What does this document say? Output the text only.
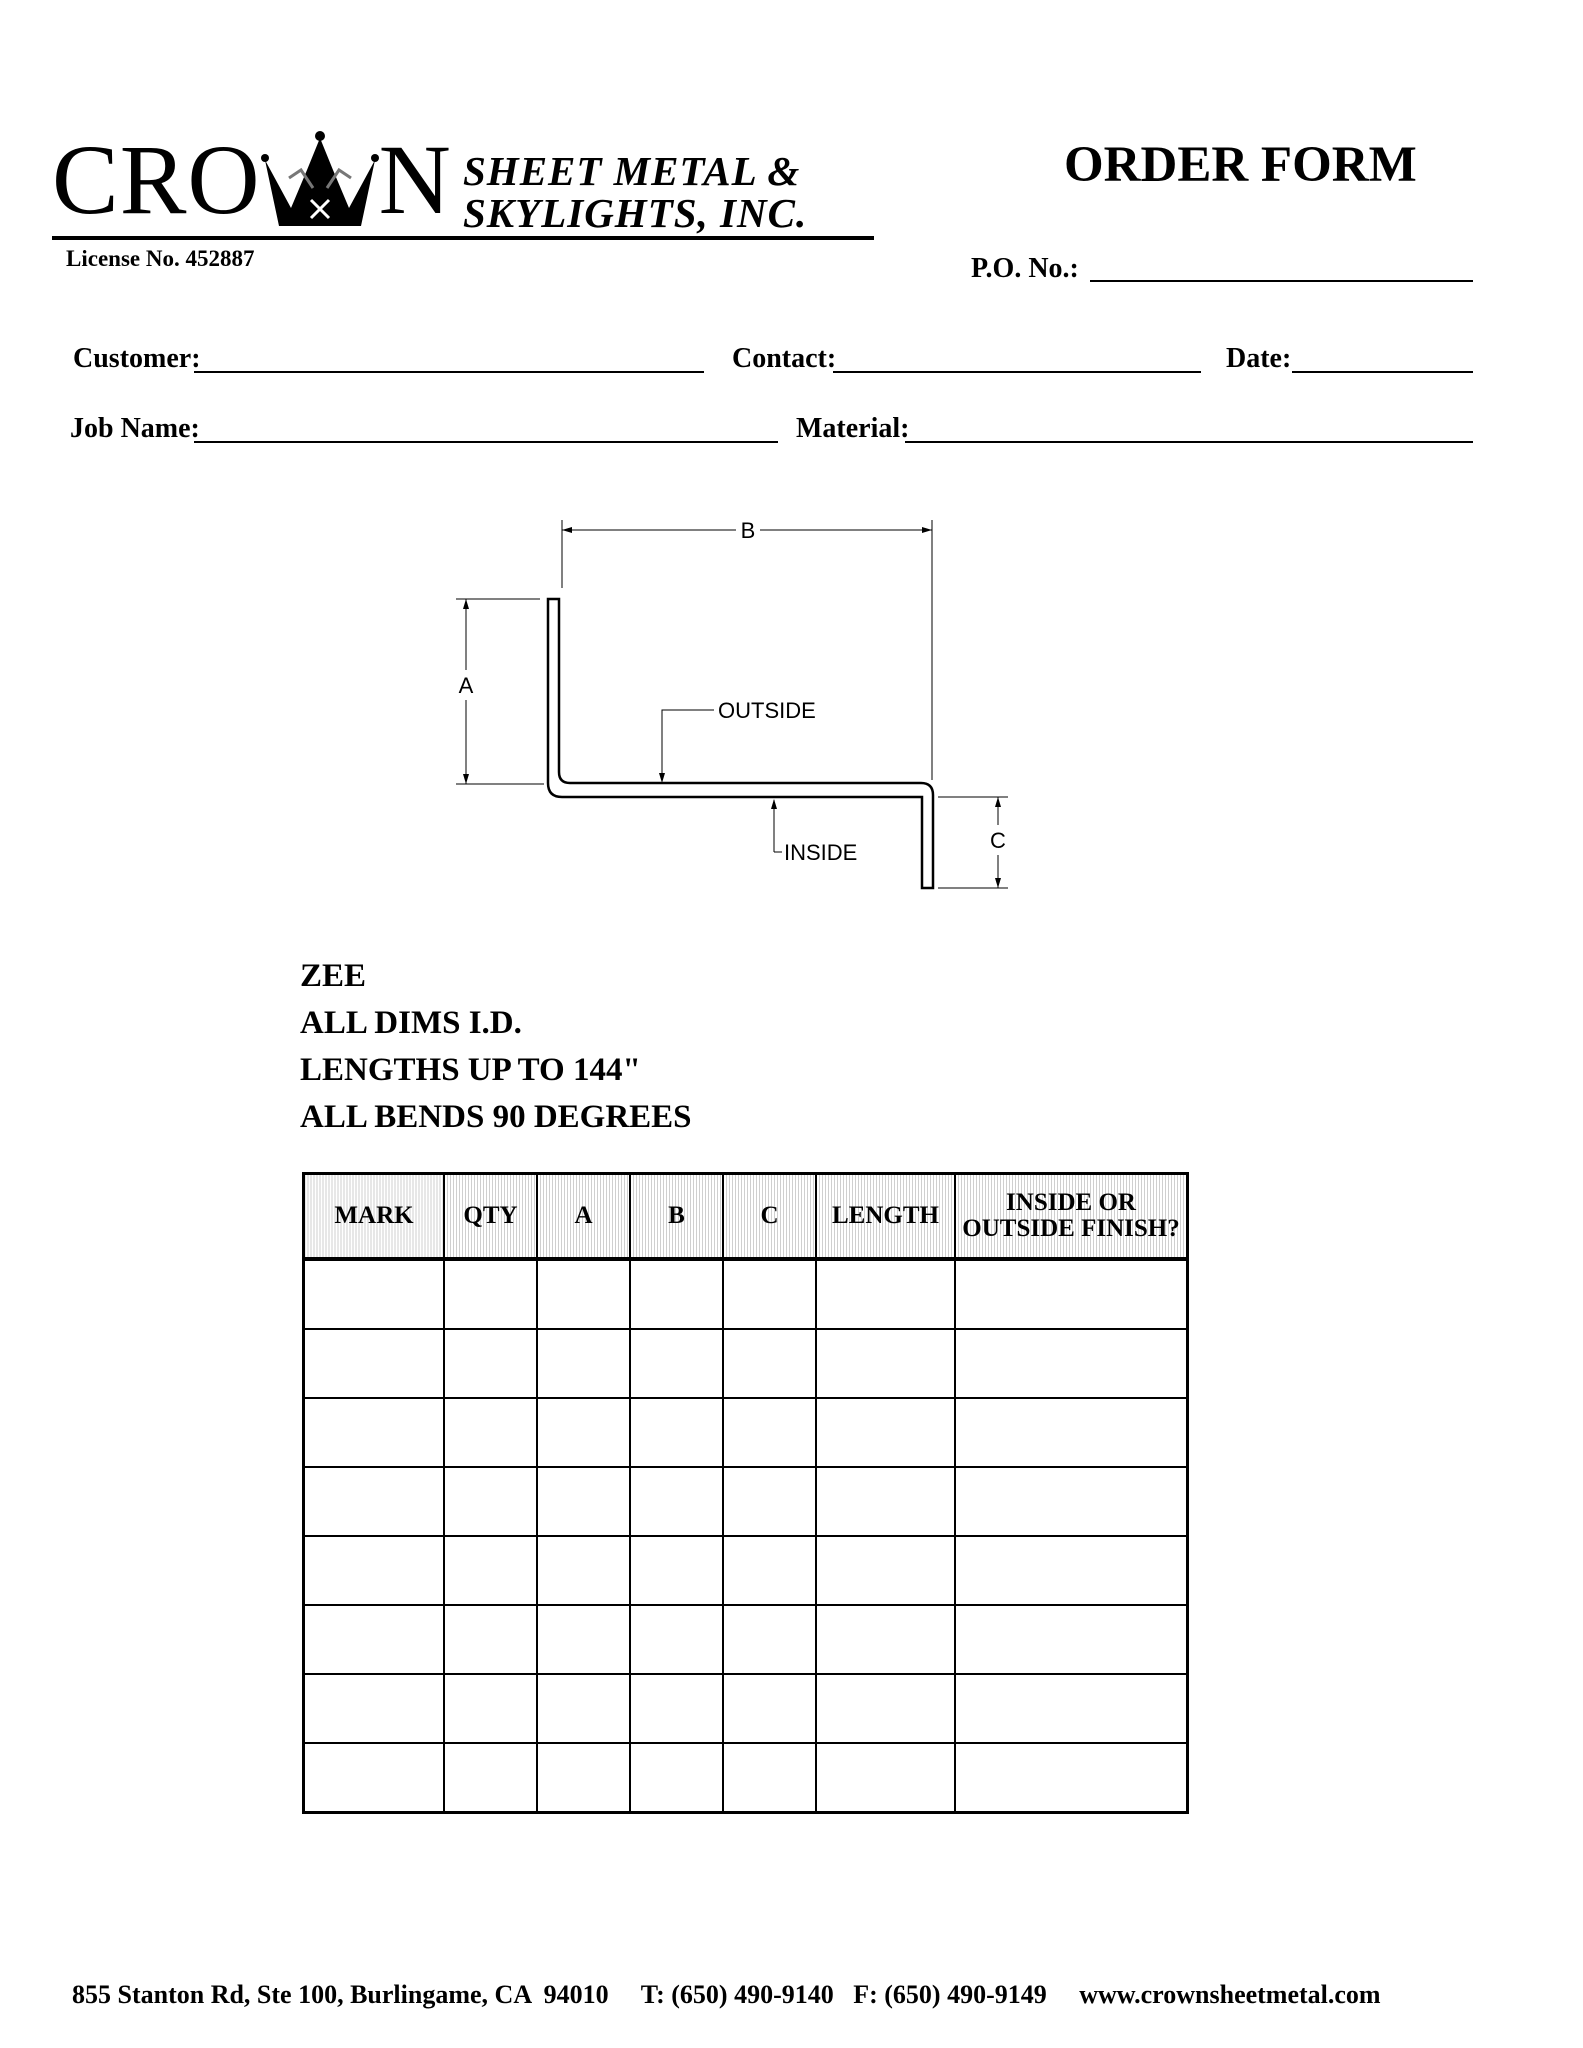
CRO N SHEET METAL &
SKYLIGHTS, INC.
License No. 452887
ORDER FORM
P.O. No.:
Customer:	Contact:	Date:
Job Name:	Material:
B
A
C
OUTSIDE
INSIDE
ZEE
ALL DIMS I.D.
LENGTHS UP TO 144"
ALL BENDS 90 DEGREES
MARK	QTY	A	B	C	LENGTH	INSIDE OR
OUTSIDE FINISH?

855 Stanton Rd, Ste 100, Burlingame, CA  94010 T: (650) 490-9140 F: (650) 490-9149 www.crownsheetmetal.com
